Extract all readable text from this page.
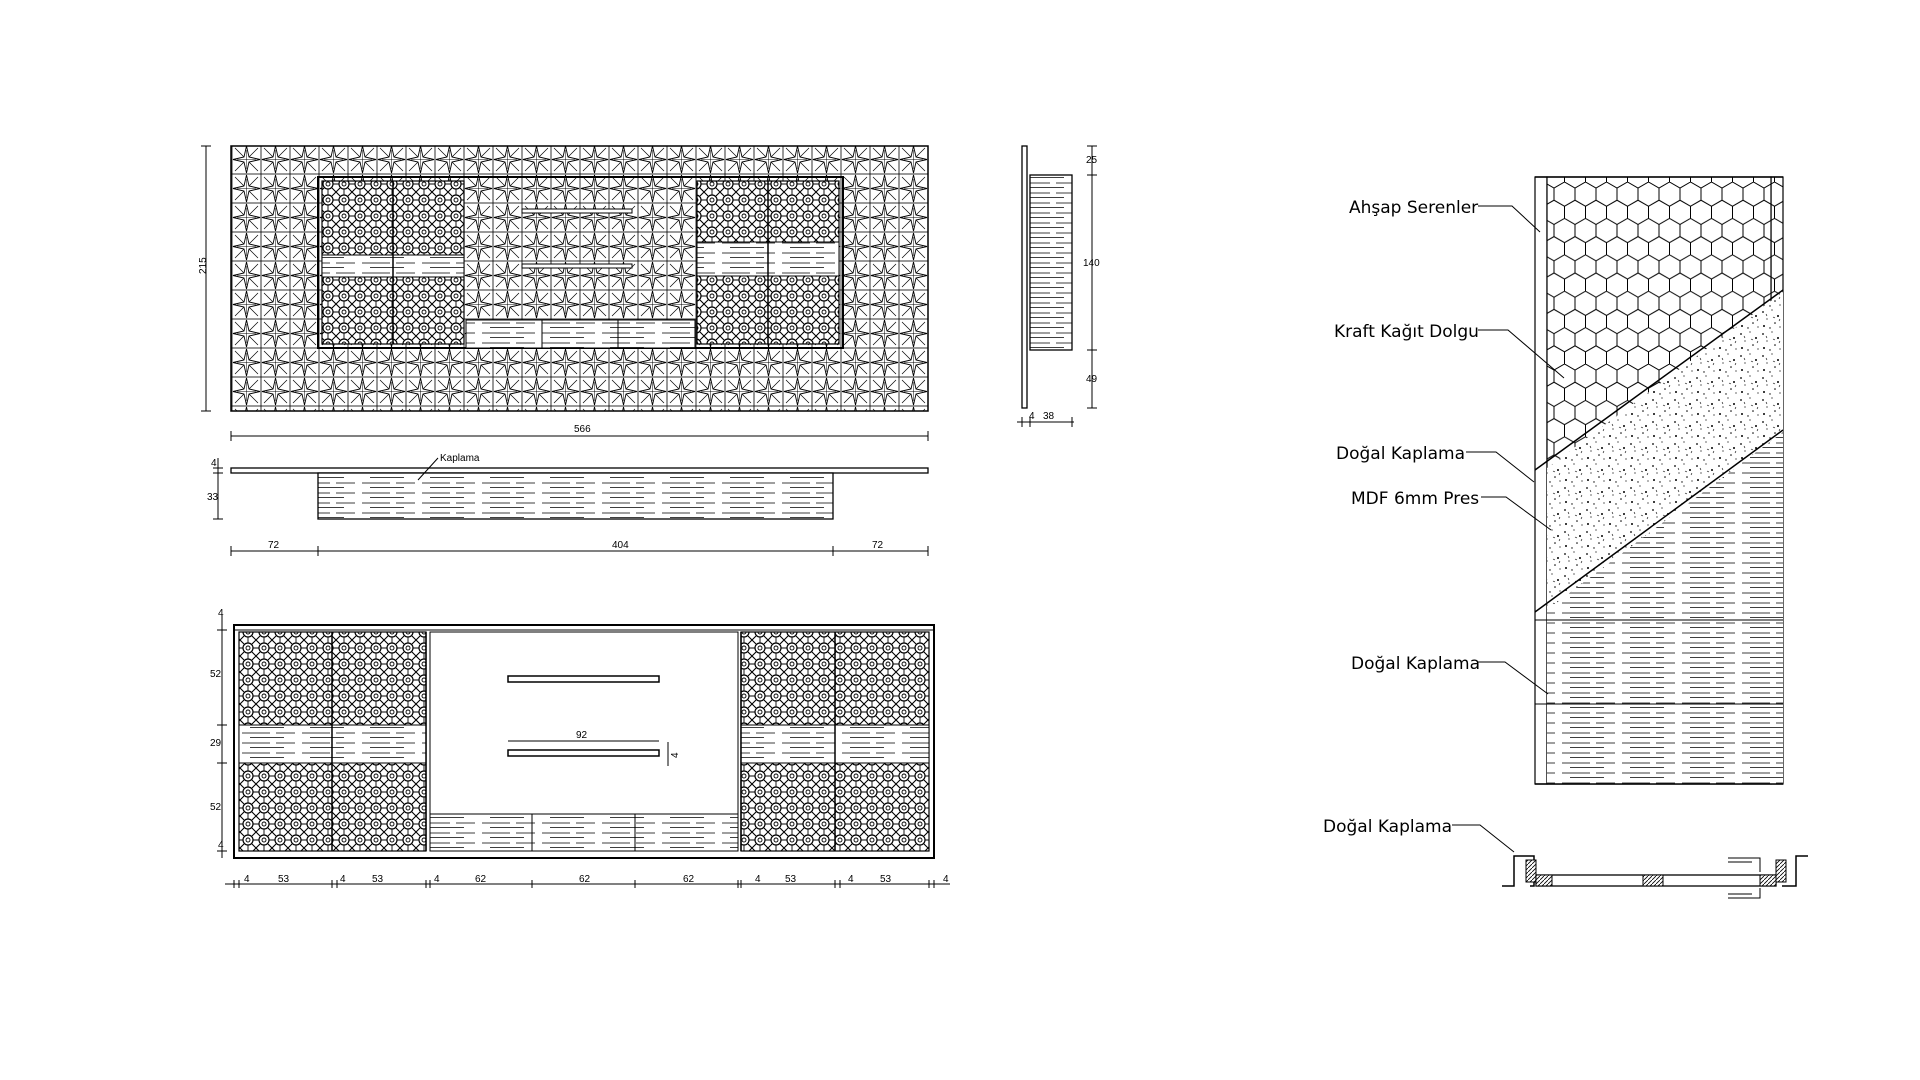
215
566
Kaplama
4
33
72	404	72
25
140
49
4 38
92
4
4
52
29
52
4
4	53	4	53	4	62	62	62	4 53	4	53	4
Ahşap Serenler
Kraft Kağıt Dolgu
Doğal Kaplama
MDF 6mm Pres
Doğal Kaplama
Doğal Kaplama
